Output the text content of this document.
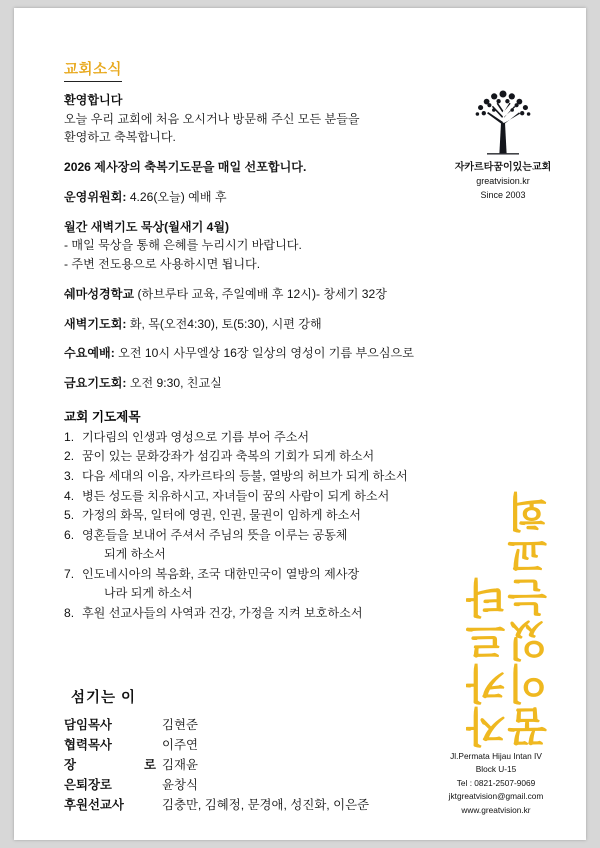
교회소식
환영합니다
오늘 우리 교회에 처음 오시거나 방문해 주신 모든 분들을
환영하고 축복합니다.
2026 제사장의 축복기도문을 매일 선포합니다.
운영위원회: 4.26(오늘) 예배 후
월간 새벽기도 묵상(월새기 4월)
- 매일 묵상을 통해 은혜를 누리시기 바랍니다.
- 주변 전도용으로 사용하시면 됩니다.
쉐마성경학교 (하브루타 교육, 주일예배 후 12시)- 창세기 32장
새벽기도회: 화, 목(오전4:30), 토(5:30), 시편 강해
수요예배: 오전 10시 사무엘상 16장 일상의 영성이 기름 부으심으로
금요기도회: 오전 9:30, 친교실
교회 기도제목
1. 기다림의 인생과 영성으로 기름 부어 주소서
2. 꿈이 있는 문화강좌가 섬김과 축복의 기회가 되게 하소서
3. 다음 세대의 이음, 자카르타의 등불, 열방의 허브가 되게 하소서
4. 병든 성도를 치유하시고, 자녀들이 꿈의 사람이 되게 하소서
5. 가정의 화목, 일터에 영권, 인권, 물권이 임하게 하소서
6. 영혼들을 보내어 주셔서 주님의 뜻을 이루는 공동체
되게 하소서
7. 인도네시아의 복음화, 조국 대한민국이 열방의 제사장
나라 되게 하소서
8. 후원 선교사들의 사역과 건강, 가정을 지켜 보호하소서
섬기는 이
담임목사	김현준
협력목사	이주연
장 로 김재윤
은퇴장로	윤창식
후원선교사	김충만, 김혜정, 문경애, 성진화, 이은준
자카르타꿈이있는교회
greatvision.kr
Since 2003
자카르타
꿈이있는교회
Jl.Permata Hijau Intan IV
Block U-15
Tel : 0821-2507-9069
jktgreatvision@gmail.com
www.greatvision.kr
